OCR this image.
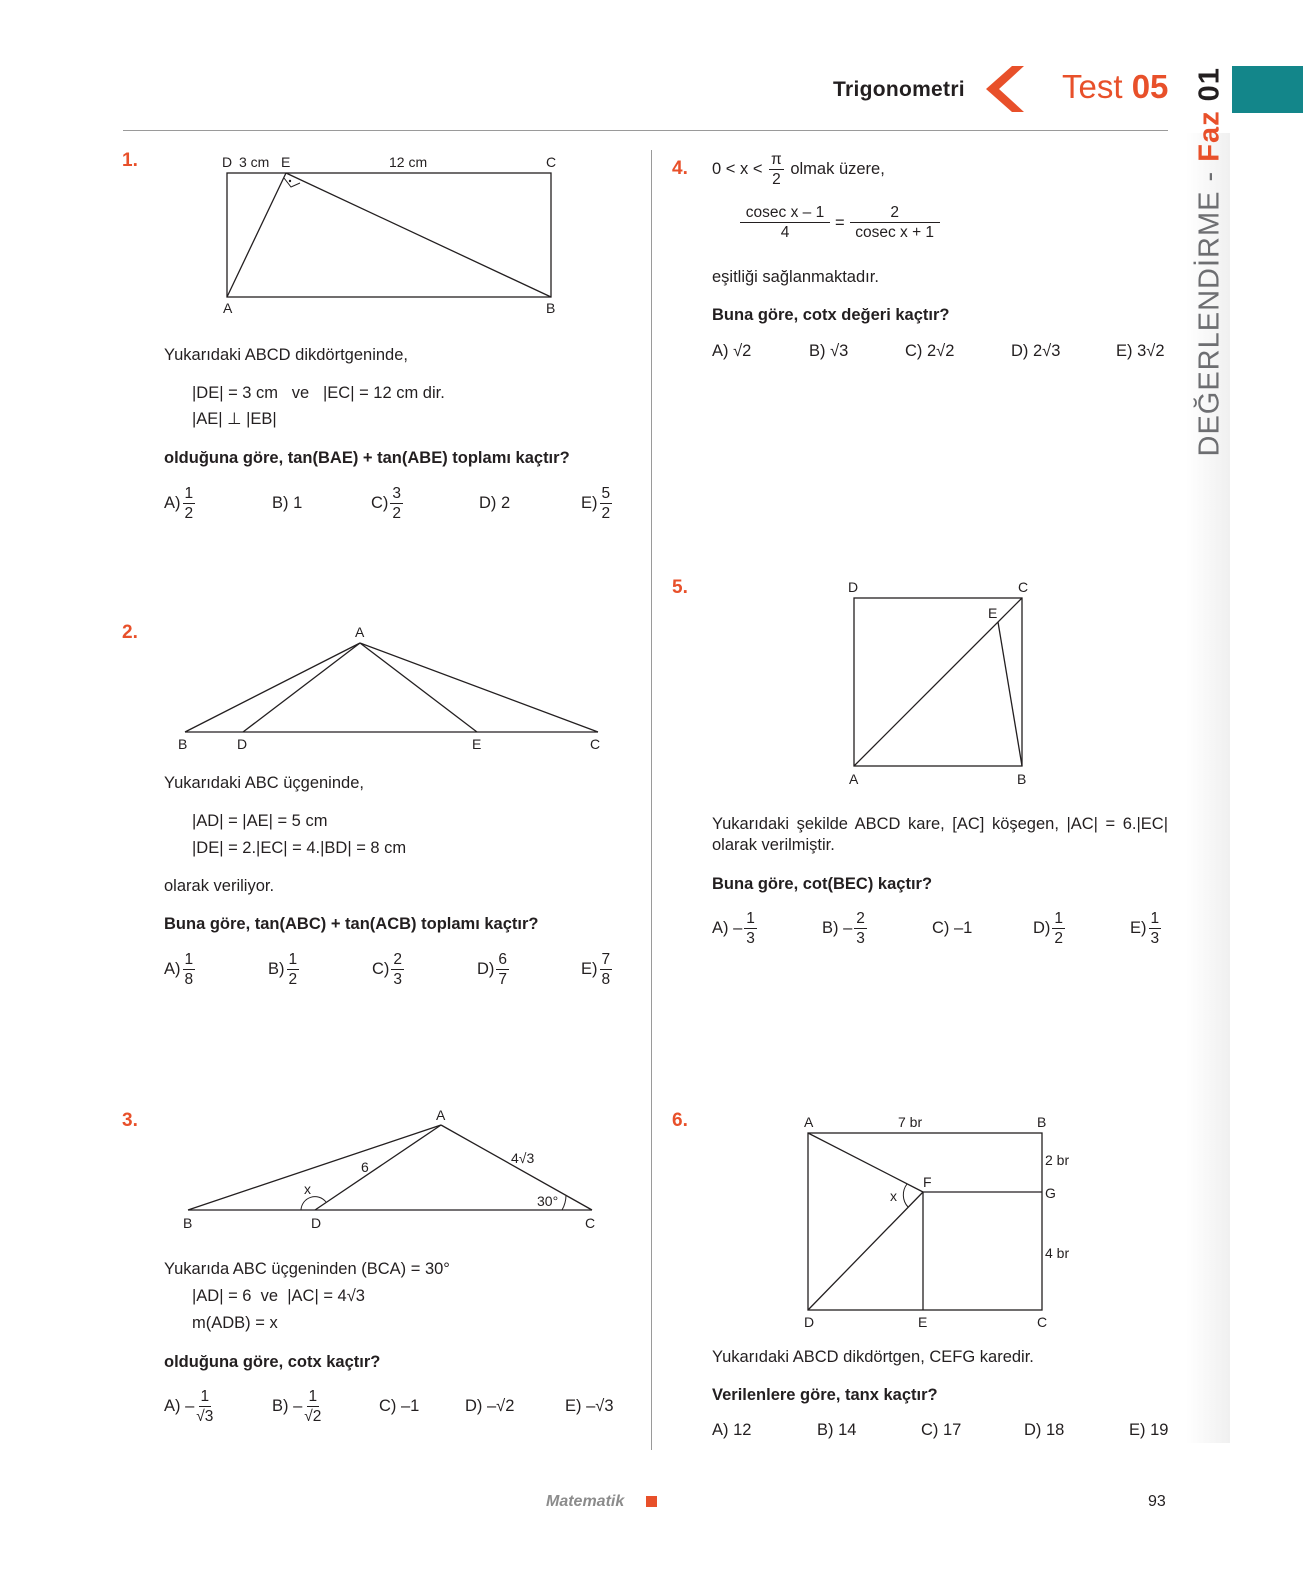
Trigonometri	Test 05
DEĞERLENDİRME - Faz 01
1.	D 3 cm E	12 cm	C
A	B
Yukarıdaki ABCD dikdörtgeninde,
|DE| = 3 cm   ve   |EC| = 12 cm dir.
|AE| ⊥ |EB|
olduğuna göre, tan(BAE) + tan(ABE) toplamı kaçtır?
$A) \frac{1}{2}$	B) 1	$C) \frac{3}{2}$	D) 2	$E) \frac{5}{2}$
2.	A
B	D	E	C
Yukarıdaki ABC üçgeninde,
|AD| = |AE| = 5 cm
|DE| = 2.|EC| = 4.|BD| = 8 cm
olarak veriliyor.
Buna göre, tan(ABC) + tan(ACB) toplamı kaçtır?
$A) \frac{1}{8}$	$B) \frac{1}{2}$	$C) \frac{2}{3}$	$D) \frac{6}{7}$	$E) \frac{7}{8}$
3.	A
B	D	C
x
6
4√3
30°
Yukarıda ABC üçgeninden (BCA) = 30°
|AD| = 6  ve  |AC| = 4√3
m(ADB) = x
olduğuna göre, cotx kaçtır?
$A) - \frac{1}{√3}$	$B) - \frac{1}{√2}$	C) –1	D) –√2	E) –√3
4. $0 < x < \frac{\pi}{2}$ olmak üzere,
$\frac{\text{cosec x – 1}}{4} = \frac{2}{\text{cosec x + 1}}$
eşitliği sağlanmaktadır.
Buna göre, cotx değeri kaçtır?
A) √2	B) √3	C) 2√2	D) 2√3	E) 3√2
5.	D	C
E
A	B
Yukarıdaki şekilde ABCD kare, [AC] köşegen, |AC| = 6.|EC|
olarak verilmiştir.
Buna göre, cot(BEC) kaçtır?
$A) - \frac{1}{3}$	$B) - \frac{2}{3}$	C) –1	$D) \frac{1}{2}$	$E) \frac{1}{3}$
6.	A	7 br	B
2 br
G
F
x
4 br
D	E	C
Yukarıdaki ABCD dikdörtgen, CEFG karedir.
Verilenlere göre, tanx kaçtır?
A) 12	B) 14	C) 17	D) 18	E) 19
Matematik	93
